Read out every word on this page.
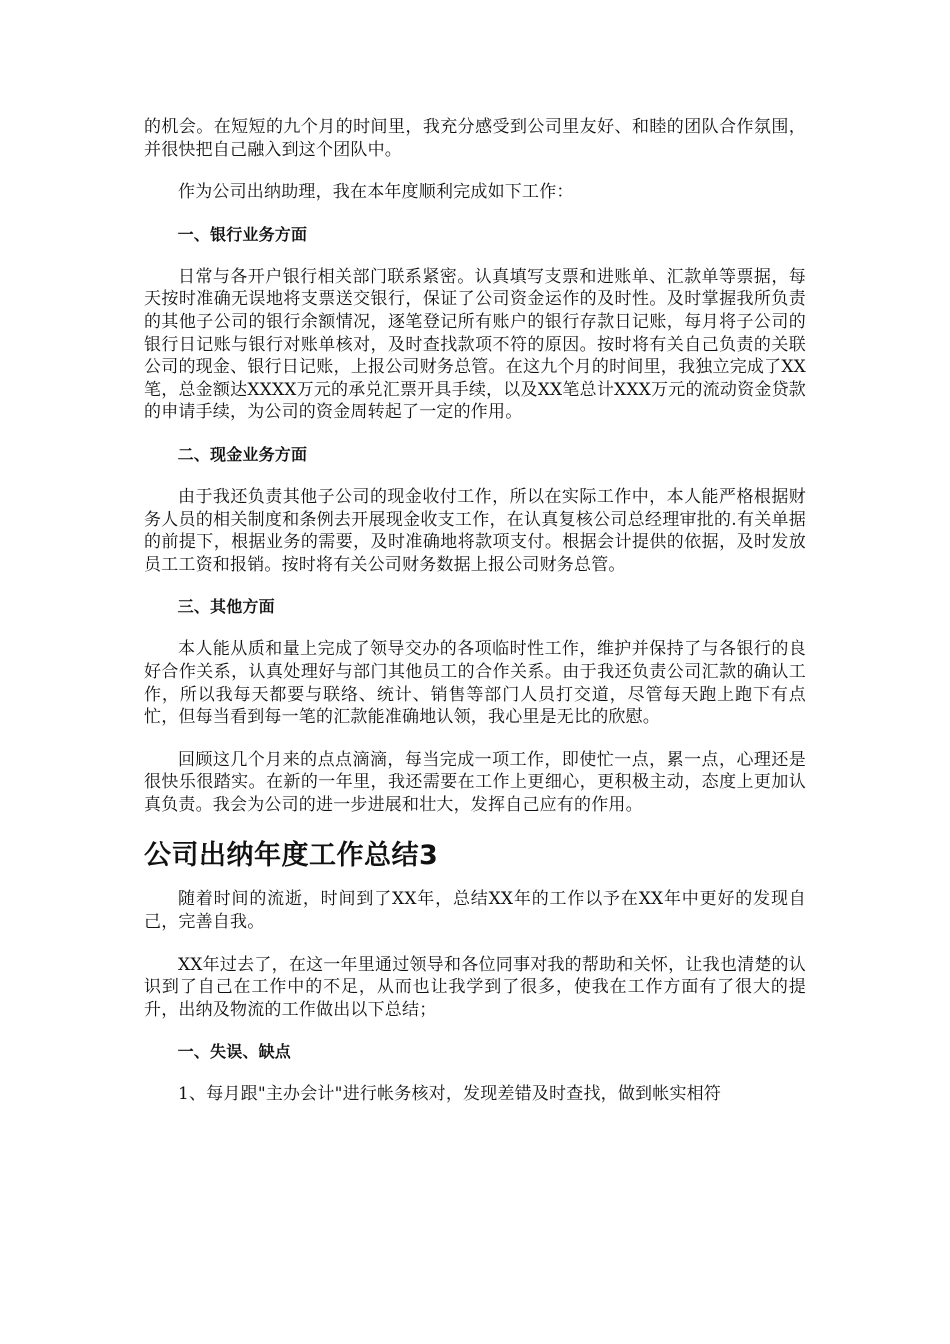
的机会。在短短的九个月的时间里，我充分感受到公司里友好、和睦的团队合作氛围，并很快把自己融入到这个团队中。

作为公司出纳助理，我在本年度顺利完成如下工作：

一、银行业务方面

日常与各开户银行相关部门联系紧密。认真填写支票和进账单、汇款单等票据，每天按时准确无误地将支票送交银行，保证了公司资金运作的及时性。及时掌握我所负责的其他子公司的银行余额情况，逐笔登记所有账户的银行存款日记账，每月将子公司的银行日记账与银行对账单核对，及时查找款项不符的原因。按时将有关自己负责的关联公司的现金、银行日记账，上报公司财务总管。在这九个月的时间里，我独立完成了XX笔，总金额达XXXX万元的承兑汇票开具手续，以及XX笔总计XXX万元的流动资金贷款的申请手续，为公司的资金周转起了一定的作用。

二、现金业务方面

由于我还负责其他子公司的现金收付工作，所以在实际工作中，本人能严格根据财务人员的相关制度和条例去开展现金收支工作，在认真复核公司总经理审批的.有关单据的前提下，根据业务的需要，及时准确地将款项支付。根据会计提供的依据，及时发放员工工资和报销。按时将有关公司财务数据上报公司财务总管。

三、其他方面

本人能从质和量上完成了领导交办的各项临时性工作，维护并保持了与各银行的良好合作关系，认真处理好与部门其他员工的合作关系。由于我还负责公司汇款的确认工作，所以我每天都要与联络、统计、销售等部门人员打交道，尽管每天跑上跑下有点忙，但每当看到每一笔的汇款能准确地认领，我心里是无比的欣慰。

回顾这几个月来的点点滴滴，每当完成一项工作，即使忙一点，累一点，心理还是很快乐很踏实。在新的一年里，我还需要在工作上更细心，更积极主动，态度上更加认真负责。我会为公司的进一步进展和壮大，发挥自己应有的作用。

公司出纳年度工作总结3

随着时间的流逝，时间到了XX年，总结XX年的工作以予在XX年中更好的发现自己，完善自我。

XX年过去了，在这一年里通过领导和各位同事对我的帮助和关怀，让我也清楚的认识到了自己在工作中的不足，从而也让我学到了很多，使我在工作方面有了很大的提升，出纳及物流的工作做出以下总结；

一、失误、缺点

1、每月跟"主办会计"进行帐务核对，发现差错及时查找，做到帐实相符
